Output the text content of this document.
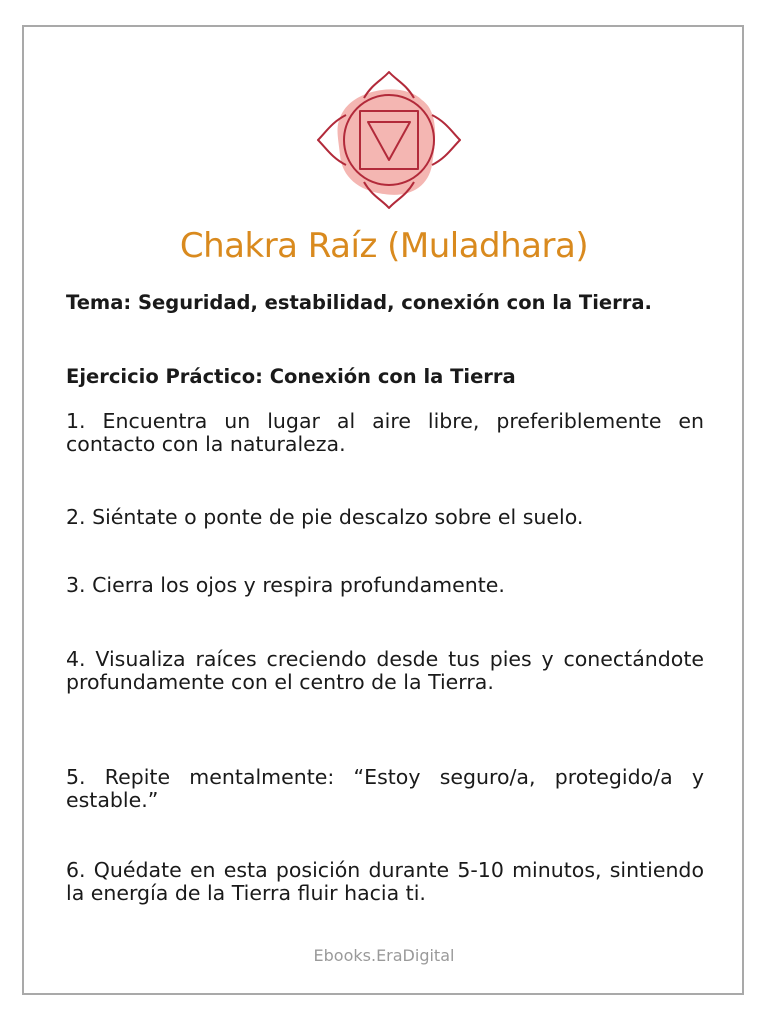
Chakra Raíz (Muladhara)
Tema: Seguridad, estabilidad, conexión con la Tierra.
Ejercicio Práctico: Conexión con la Tierra
1. Encuentra un lugar al aire libre, preferiblemente en contacto con la naturaleza.
2. Siéntate o ponte de pie descalzo sobre el suelo.
3. Cierra los ojos y respira profundamente.
4. Visualiza raíces creciendo desde tus pies y conectándote profundamente con el centro de la Tierra.
5. Repite mentalmente: “Estoy seguro/a, protegido/a y estable.”
6. Quédate en esta posición durante 5-10 minutos, sintiendo la energía de la Tierra fluir hacia ti.
Ebooks.EraDigital
